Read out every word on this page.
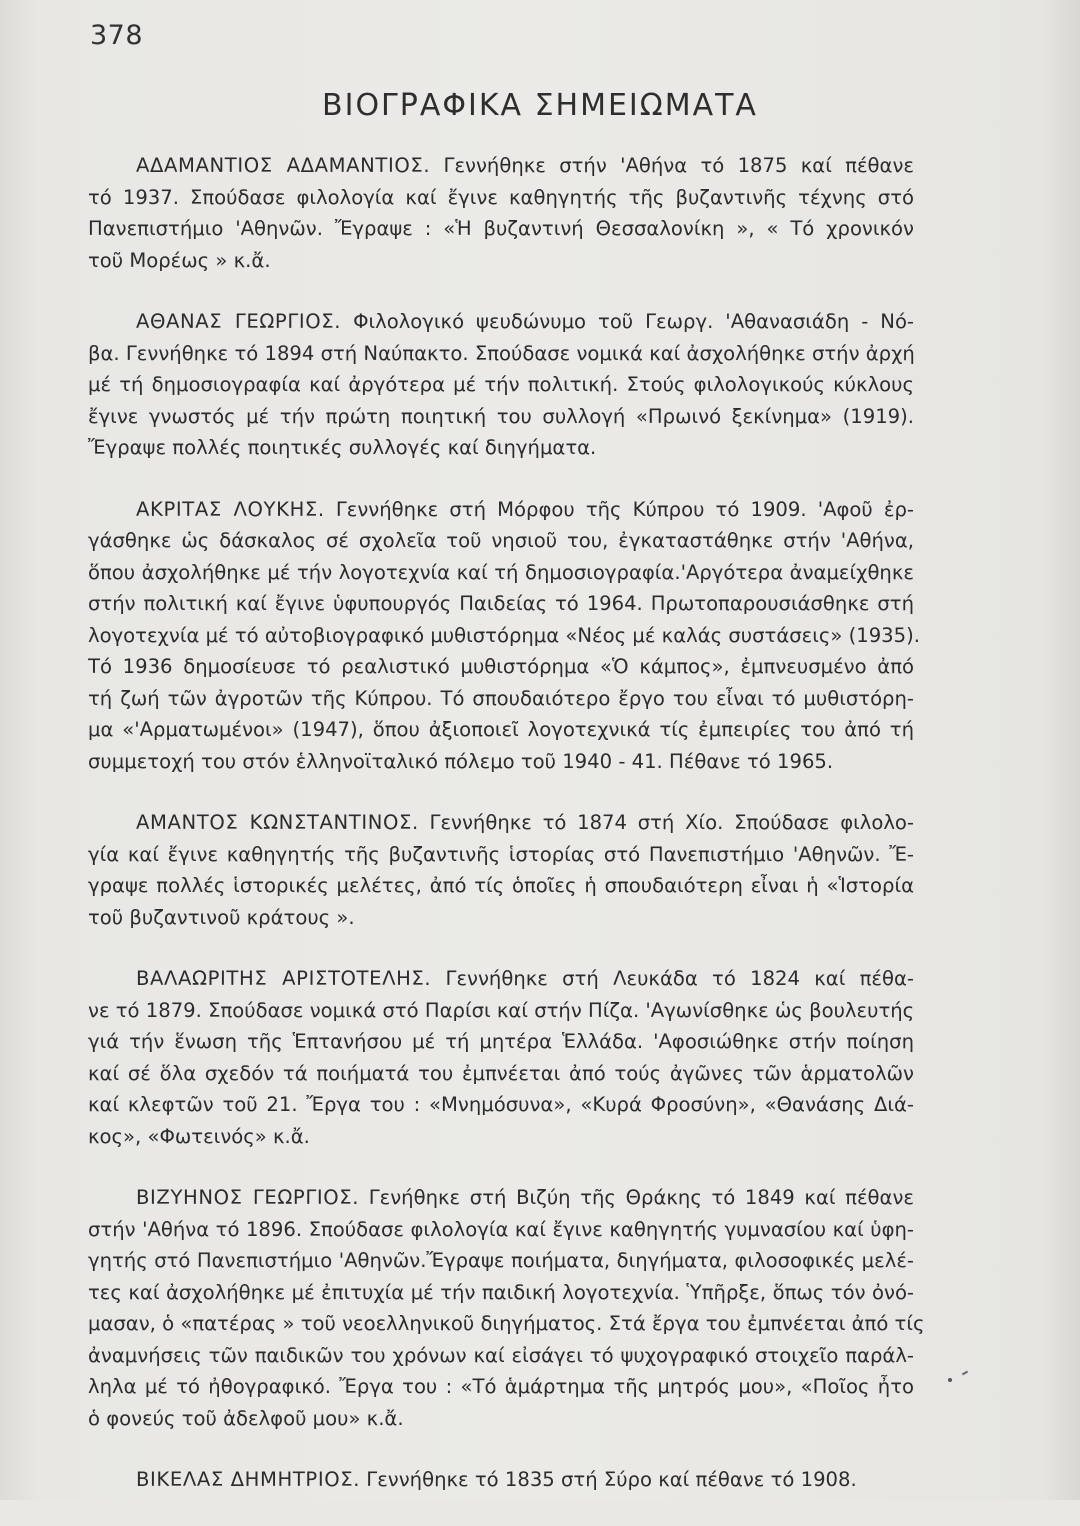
378
ΒΙΟΓΡΑΦΙΚΑ ΣΗΜΕΙΩΜΑΤΑ
ΑΔΑΜΑΝΤΙΟΣ ΑΔΑΜΑΝΤΙΟΣ. Γεννήθηκε στήν 'Αθήνα τό 1875 καί πέθανε
τό 1937. Σπούδασε φιλολογία καί ἔγινε καθηγητής τῆς βυζαντινῆς τέχνης στό
Πανεπιστήμιο 'Αθηνῶν. Ἔγραψε : «Ἡ βυζαντινή Θεσσαλονίκη », « Τό χρονικόν
τοῦ Μορέως » κ.ἄ.
ΑΘΑΝΑΣ ΓΕΩΡΓΙΟΣ. Φιλολογικό ψευδώνυμο τοῦ Γεωργ. 'Αθανασιάδη - Νό-
βα. Γεννήθηκε τό 1894 στή Ναύπακτο. Σπούδασε νομικά καί ἀσχολήθηκε στήν ἀρχή
μέ τή δημοσιογραφία καί ἀργότερα μέ τήν πολιτική. Στούς φιλολογικούς κύκλους
ἔγινε γνωστός μέ τήν πρώτη ποιητική του συλλογή «Πρωινό ξεκίνημα» (1919).
Ἔγραψε πολλές ποιητικές συλλογές καί διηγήματα.
ΑΚΡΙΤΑΣ ΛΟΥΚΗΣ. Γεννήθηκε στή Μόρφου τῆς Κύπρου τό 1909. 'Αφοῦ ἐρ-
γάσθηκε ὡς δάσκαλος σέ σχολεῖα τοῦ νησιοῦ του, ἐγκαταστάθηκε στήν 'Αθήνα,
ὅπου ἀσχολήθηκε μέ τήν λογοτεχνία καί τή δημοσιογραφία.'Αργότερα ἀναμείχθηκε
στήν πολιτική καί ἔγινε ὑφυπουργός Παιδείας τό 1964. Πρωτοπαρουσιάσθηκε στή
λογοτεχνία μέ τό αὐτοβιογραφικό μυθιστόρημα «Νέος μέ καλάς συστάσεις» (1935).
Τό 1936 δημοσίευσε τό ρεαλιστικό μυθιστόρημα «Ὁ κάμπος», ἐμπνευσμένο ἀπό
τή ζωή τῶν ἀγροτῶν τῆς Κύπρου. Τό σπουδαιότερο ἔργο του εἶναι τό μυθιστόρη-
μα «'Αρματωμένοι» (1947), ὅπου ἀξιοποιεῖ λογοτεχνικά τίς ἐμπειρίες του ἀπό τή
συμμετοχή του στόν ἑλληνοϊταλικό πόλεμο τοῦ 1940 - 41. Πέθανε τό 1965.
ΑΜΑΝΤΟΣ ΚΩΝΣΤΑΝΤΙΝΟΣ. Γεννήθηκε τό 1874 στή Χίο. Σπούδασε φιλολο-
γία καί ἔγινε καθηγητής τῆς βυζαντινῆς ἱστορίας στό Πανεπιστήμιο 'Αθηνῶν. Ἔ-
γραψε πολλές ἱστορικές μελέτες, ἀπό τίς ὁποῖες ἡ σπουδαιότερη εἶναι ἡ «Ἱστορία
τοῦ βυζαντινοῦ κράτους ».
ΒΑΛΑΩΡΙΤΗΣ ΑΡΙΣΤΟΤΕΛΗΣ. Γεννήθηκε στή Λευκάδα τό 1824 καί πέθα-
νε τό 1879. Σπούδασε νομικά στό Παρίσι καί στήν Πίζα. 'Αγωνίσθηκε ὡς βουλευτής
γιά τήν ἕνωση τῆς Ἑπτανήσου μέ τή μητέρα Ἑλλάδα. 'Αφοσιώθηκε στήν ποίηση
καί σέ ὅλα σχεδόν τά ποιήματά του ἐμπνέεται ἀπό τούς ἀγῶνες τῶν ἁρματολῶν
καί κλεφτῶν τοῦ 21. Ἔργα του : «Μνημόσυνα», «Κυρά Φροσύνη», «Θανάσης Διά-
κος», «Φωτεινός» κ.ἄ.
ΒΙΖΥΗΝΟΣ ΓΕΩΡΓΙΟΣ. Γενήθηκε στή Βιζύη τῆς Θράκης τό 1849 καί πέθανε
στήν 'Αθήνα τό 1896. Σπούδασε φιλολογία καί ἔγινε καθηγητής γυμνασίου καί ὑφη-
γητής στό Πανεπιστήμιο 'Αθηνῶν.Ἔγραψε ποιήματα, διηγήματα, φιλοσοφικές μελέ-
τες καί ἀσχολήθηκε μέ ἐπιτυχία μέ τήν παιδική λογοτεχνία. Ὑπῆρξε, ὅπως τόν ὀνό-
μασαν, ὁ «πατέρας » τοῦ νεοελληνικοῦ διηγήματος. Στά ἔργα του ἐμπνέεται ἀπό τίς
ἀναμνήσεις τῶν παιδικῶν του χρόνων καί εἰσάγει τό ψυχογραφικό στοιχεῖο παράλ-
ληλα μέ τό ἠθογραφικό. Ἔργα του : «Τό ἁμάρτημα τῆς μητρός μου», «Ποῖος ἦτο
ὁ φονεύς τοῦ ἀδελφοῦ μου» κ.ἄ.
ΒΙΚΕΛΑΣ ΔΗΜΗΤΡΙΟΣ. Γεννήθηκε τό 1835 στή Σύρο καί πέθανε τό 1908.
